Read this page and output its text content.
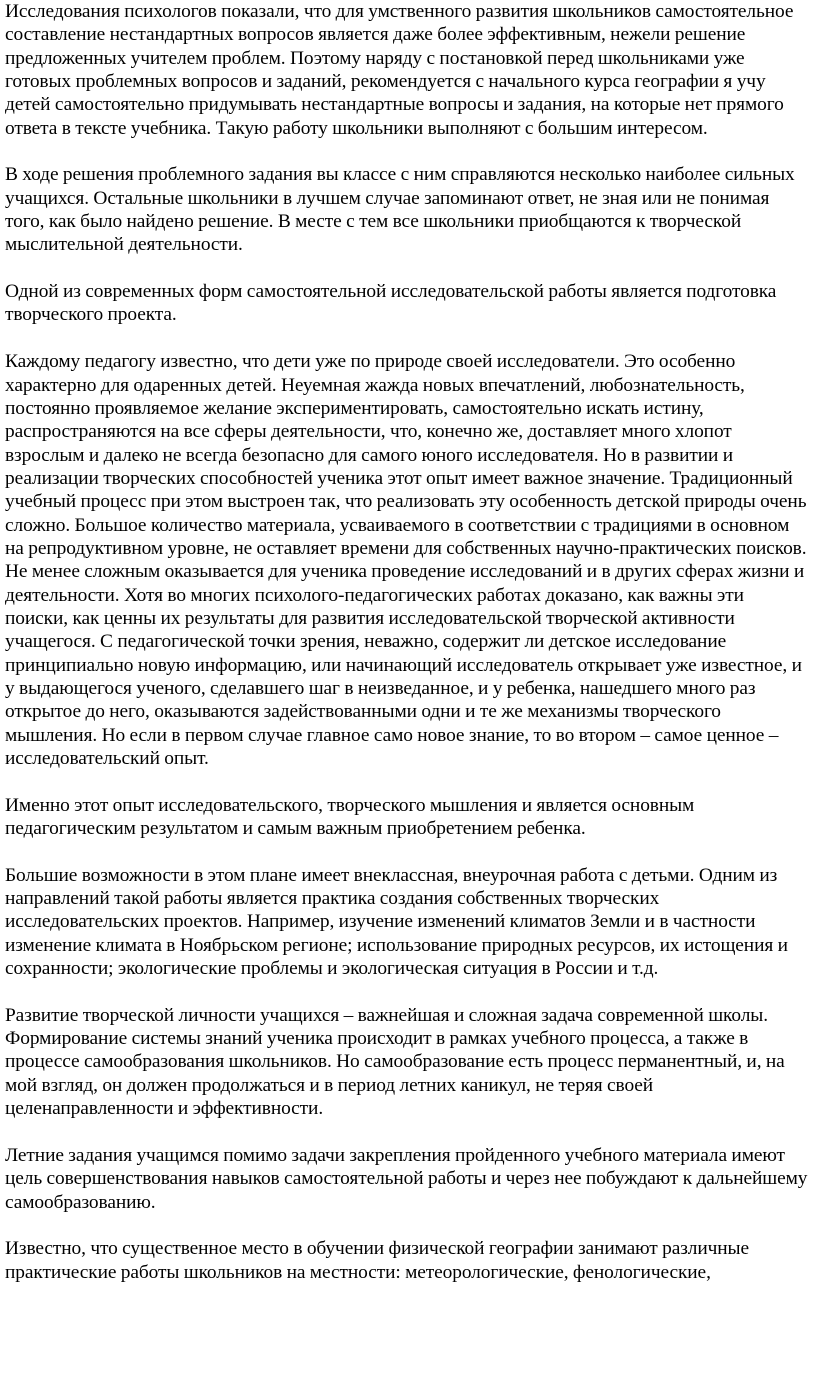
Исследования психологов показали, что для умственного развития школьников самостоятельное составление нестандартных вопросов является даже более эффективным, нежели решение предложенных учителем проблем. Поэтому наряду с постановкой перед школьниками уже готовых проблемных вопросов и заданий, рекомендуется с начального курса географии я учу детей самостоятельно придумывать нестандартные вопросы и задания, на которые нет прямого ответа в тексте учебника. Такую работу школьники выполняют с большим интересом.

В ходе решения проблемного задания вы классе с ним справляются несколько наиболее сильных учащихся. Остальные школьники в лучшем случае запоминают ответ, не зная или не понимая того, как было найдено решение. В месте с тем все школьники приобщаются к творческой мыслительной деятельности.

Одной из современных форм самостоятельной исследовательской работы является подготовка творческого проекта.

Каждому педагогу известно, что дети уже по природе своей исследователи. Это особенно характерно для одаренных детей. Неуемная жажда новых впечатлений, любознательность, постоянно проявляемое желание экспериментировать, самостоятельно искать истину, распространяются на все сферы деятельности, что, конечно же, доставляет много хлопот взрослым и далеко не всегда безопасно для самого юного исследователя. Но в развитии и реализации творческих способностей ученика этот опыт имеет важное значение. Традиционный учебный процесс при этом выстроен так, что реализовать эту особенность детской природы очень сложно. Большое количество материала, усваиваемого в соответствии с традициями в основном на репродуктивном уровне, не оставляет времени для собственных научно-практических поисков. Не менее сложным оказывается для ученика проведение исследований и в других сферах жизни и деятельности. Хотя во многих психолого-педагогических работах доказано, как важны эти поиски, как ценны их результаты для развития исследовательской творческой активности учащегося. С педагогической точки зрения, неважно, содержит ли детское исследование принципиально новую информацию, или начинающий исследователь открывает уже известное, и у выдающегося ученого, сделавшего шаг в неизведанное, и у ребенка, нашедшего много раз открытое до него, оказываются задействованными одни и те же механизмы творческого мышления. Но если в первом случае главное само новое знание, то во втором – самое ценное – исследовательский опыт.

Именно этот опыт исследовательского, творческого мышления и является основным педагогическим результатом и самым важным приобретением ребенка.

Большие возможности в этом плане имеет внеклассная, внеурочная работа с детьми. Одним из направлений такой работы является практика создания собственных творческих исследовательских проектов. Например, изучение изменений климатов Земли и в частности изменение климата в Ноябрьском регионе; использование природных ресурсов, их истощения и сохранности; экологические проблемы и экологическая ситуация в России и т.д.

Развитие творческой личности учащихся – важнейшая и сложная задача современной школы. Формирование системы знаний ученика происходит в рамках учебного процесса, а также в процессе самообразования школьников. Но самообразование есть процесс перманентный, и, на мой взгляд, он должен продолжаться и в период летних каникул, не теряя своей целенаправленности и эффективности.

Летние задания учащимся помимо задачи закрепления пройденного учебного материала имеют цель совершенствования навыков самостоятельной работы и через нее побуждают к дальнейшему самообразованию.

Известно, что существенное место в обучении физической географии занимают различные практические работы школьников на местности: метеорологические, фенологические,
